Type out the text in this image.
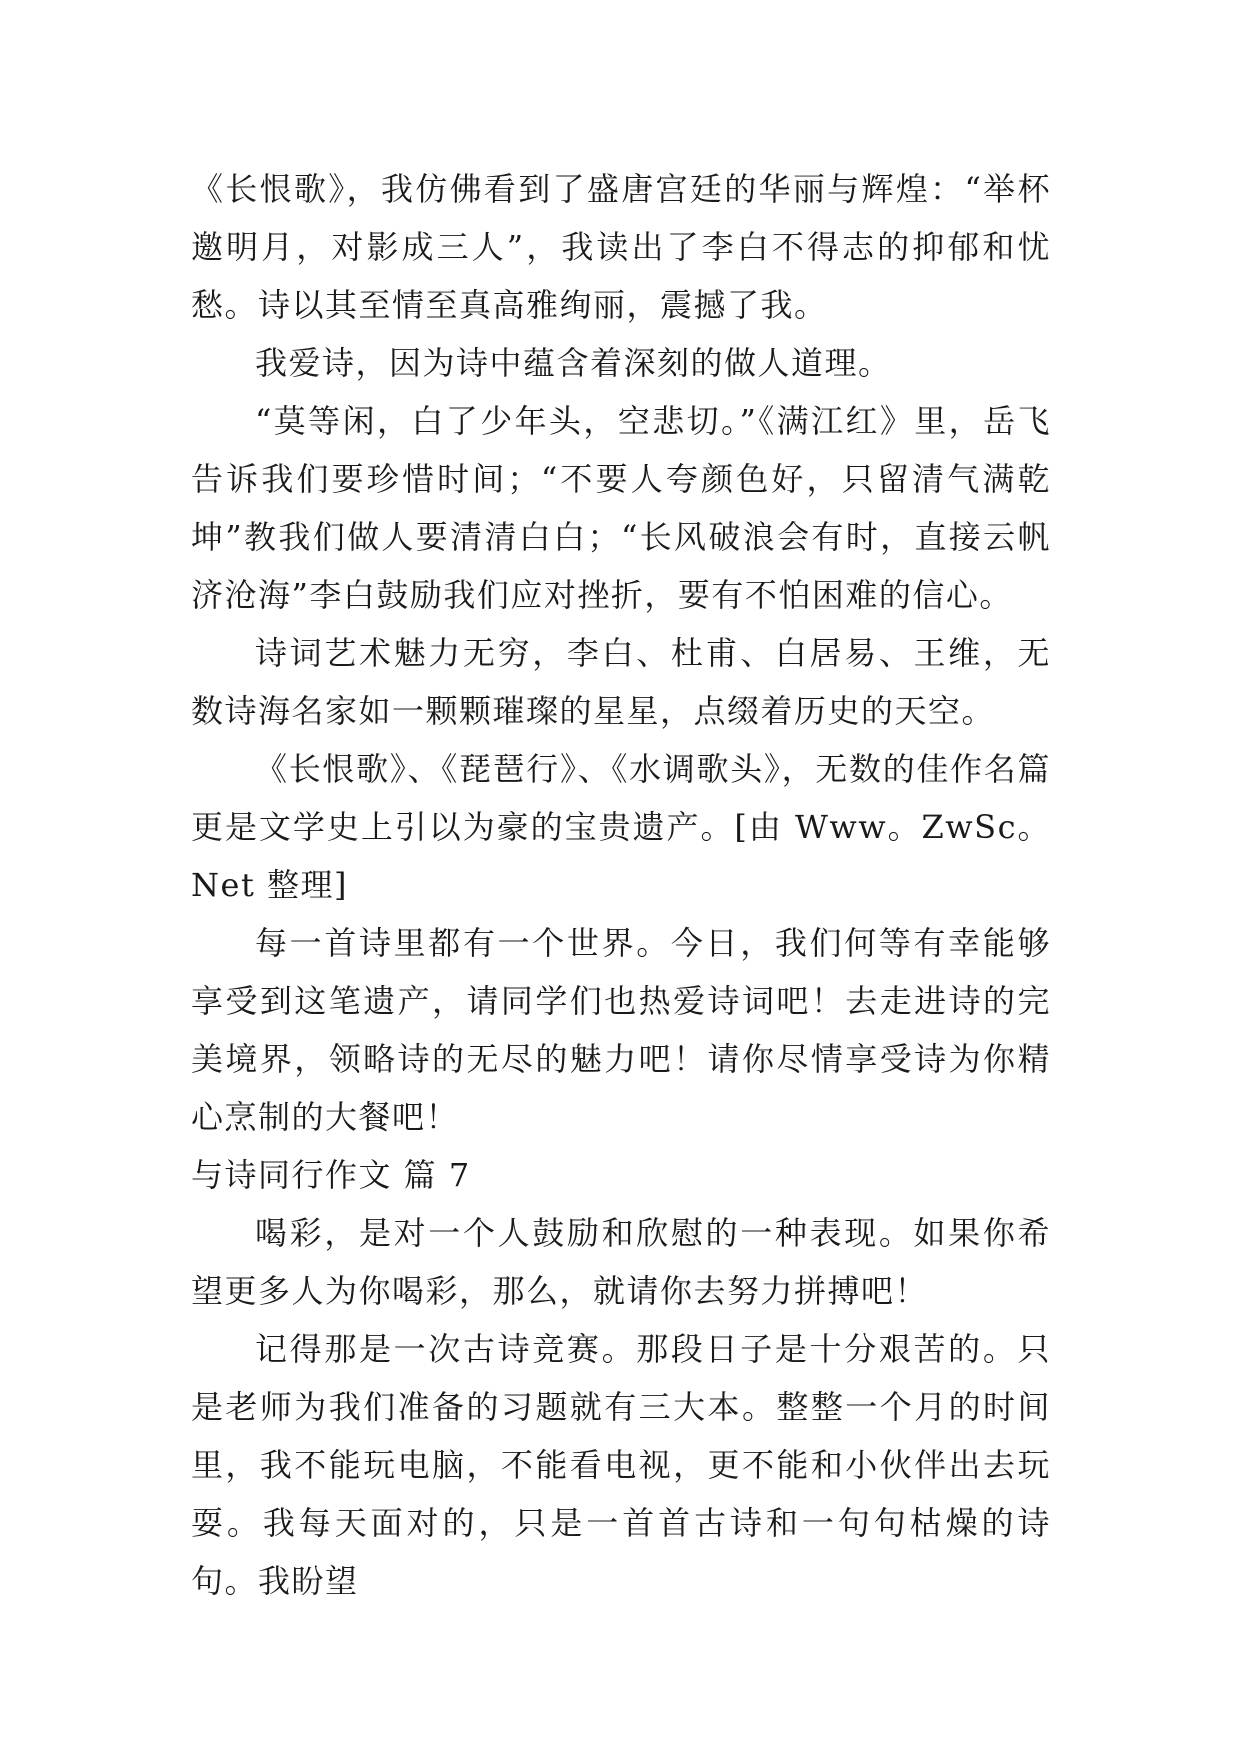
《长恨歌》，我仿佛看到了盛唐宫廷的华丽与辉煌：“举杯邀明月，对影成三人”，我读出了李白不得志的抑郁和忧愁。诗以其至情至真高雅绚丽，震撼了我。

我爱诗，因为诗中蕴含着深刻的做人道理。

“莫等闲，白了少年头，空悲切。”《满江红》里，岳飞告诉我们要珍惜时间；“不要人夸颜色好，只留清气满乾坤”教我们做人要清清白白；“长风破浪会有时，直接云帆济沧海”李白鼓励我们应对挫折，要有不怕困难的信心。

诗词艺术魅力无穷，李白、杜甫、白居易、王维，无数诗海名家如一颗颗璀璨的星星，点缀着历史的天空。

《长恨歌》、《琵琶行》、《水调歌头》，无数的佳作名篇更是文学史上引以为豪的宝贵遗产。[由 Www。ZwSc。Net 整理]

每一首诗里都有一个世界。今日，我们何等有幸能够享受到这笔遗产，请同学们也热爱诗词吧！去走进诗的完美境界，领略诗的无尽的魅力吧！请你尽情享受诗为你精心烹制的大餐吧！

与诗同行作文 篇 7

喝彩，是对一个人鼓励和欣慰的一种表现。如果你希望更多人为你喝彩，那么，就请你去努力拼搏吧！

记得那是一次古诗竞赛。那段日子是十分艰苦的。只是老师为我们准备的习题就有三大本。整整一个月的时间里，我不能玩电脑，不能看电视，更不能和小伙伴出去玩耍。我每天面对的，只是一首首古诗和一句句枯燥的诗句。我盼望
